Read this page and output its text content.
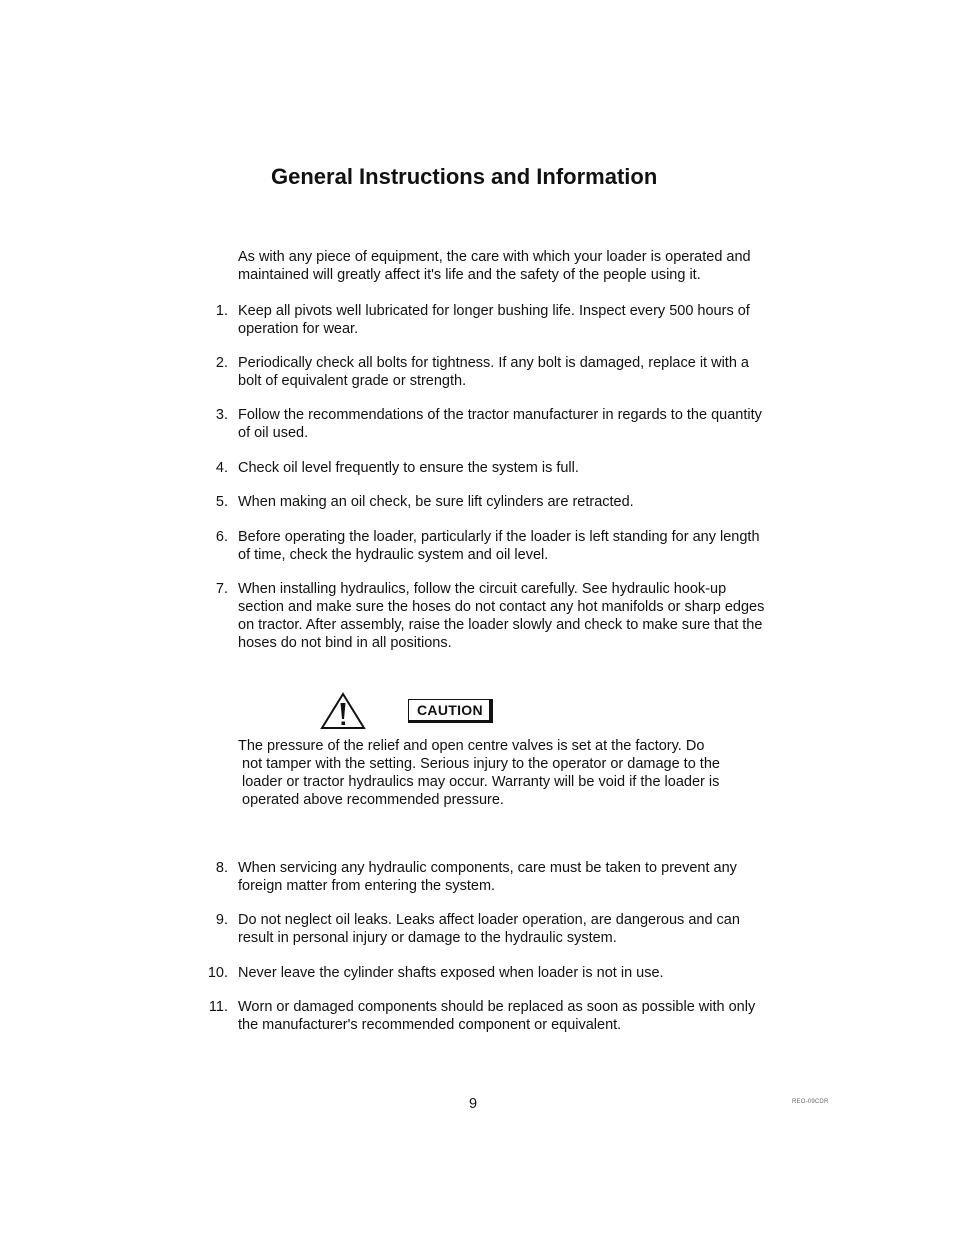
General Instructions and Information

As with any piece of equipment, the care with which your loader is operated and maintained will greatly affect it's life and the safety of the people using it.

1. Keep all pivots well lubricated for longer bushing life. Inspect every 500 hours of operation for wear.
2. Periodically check all bolts for tightness. If any bolt is damaged, replace it with a bolt of equivalent grade or strength.
3. Follow the recommendations of the tractor manufacturer in regards to the quantity of oil used.
4. Check oil level frequently to ensure the system is full.
5. When making an oil check, be sure lift cylinders are retracted.
6. Before operating the loader, particularly if the loader is left standing for any length of time, check the hydraulic system and oil level.
7. When installing hydraulics, follow the circuit carefully. See hydraulic hook-up section and make sure the hoses do not contact any hot manifolds or sharp edges on tractor. After assembly, raise the loader slowly and check to make sure that the hoses do not bind in all positions.
CAUTION
The pressure of the relief and open centre valves is set at the factory. Do
not tamper with the setting. Serious injury to the operator or damage to the
loader or tractor hydraulics may occur. Warranty will be void if the loader is
operated above recommended pressure.
8. When servicing any hydraulic components, care must be taken to prevent any foreign matter from entering the system.
9. Do not neglect oil leaks. Leaks affect loader operation, are dangerous and can result in personal injury or damage to the hydraulic system.
10. Never leave the cylinder shafts exposed when loader is not in use.
11. Worn or damaged components should be replaced as soon as possible with only the manufacturer's recommended component or equivalent.
9	REO-09CDR
